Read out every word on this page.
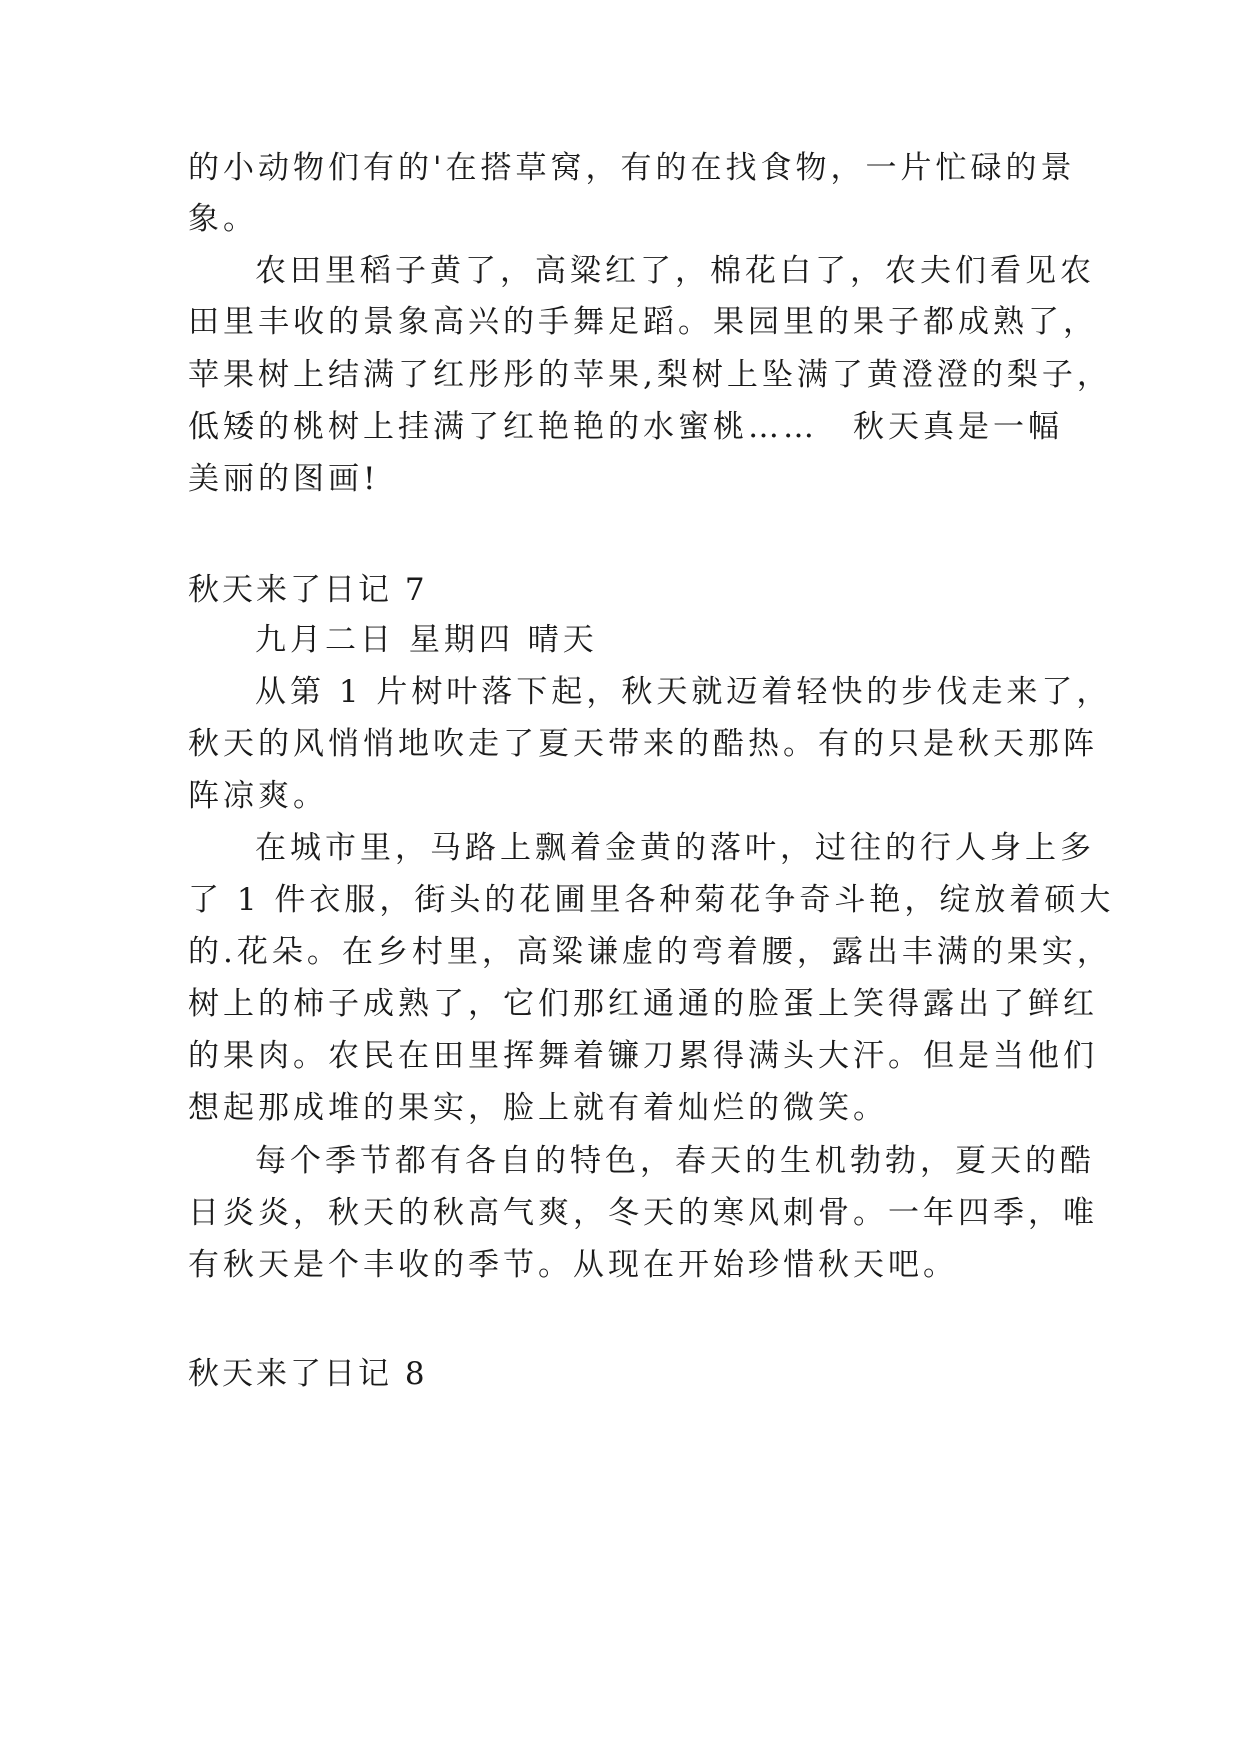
的小动物们有的'在搭草窝，有的在找食物，一片忙碌的景
象。
农田里稻子黄了，高粱红了，棉花白了，农夫们看见农
田里丰收的景象高兴的手舞足蹈。果园里的果子都成熟了，
苹果树上结满了红彤彤的苹果,梨树上坠满了黄澄澄的梨子，
低矮的桃树上挂满了红艳艳的水蜜桃……　秋天真是一幅
美丽的图画!
秋天来了日记 7
九月二日 星期四 晴天
从第 1 片树叶落下起，秋天就迈着轻快的步伐走来了，
秋天的风悄悄地吹走了夏天带来的酷热。有的只是秋天那阵
阵凉爽。
在城市里，马路上飘着金黄的落叶，过往的行人身上多
了 1 件衣服，街头的花圃里各种菊花争奇斗艳，绽放着硕大
的.花朵。在乡村里，高粱谦虚的弯着腰，露出丰满的果实，
树上的柿子成熟了，它们那红通通的脸蛋上笑得露出了鲜红
的果肉。农民在田里挥舞着镰刀累得满头大汗。但是当他们
想起那成堆的果实，脸上就有着灿烂的微笑。
每个季节都有各自的特色，春天的生机勃勃，夏天的酷
日炎炎，秋天的秋高气爽，冬天的寒风刺骨。一年四季，唯
有秋天是个丰收的季节。从现在开始珍惜秋天吧。
秋天来了日记 8
